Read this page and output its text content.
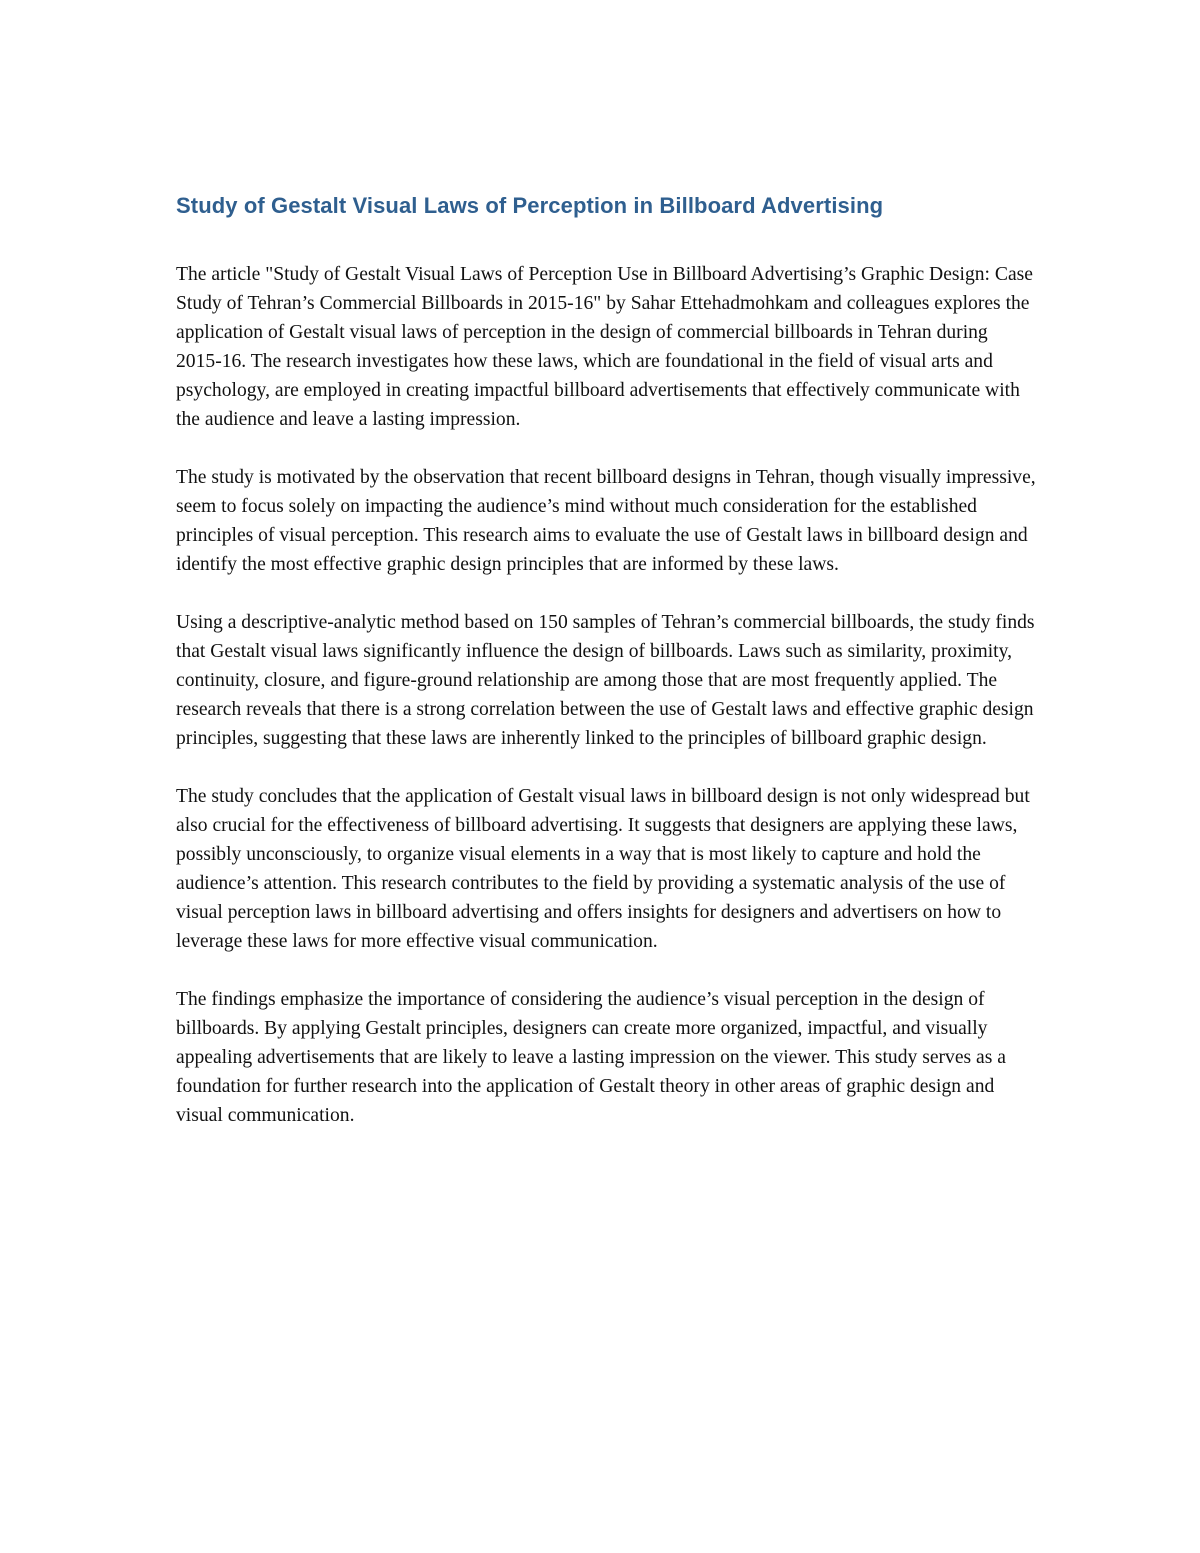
Study of Gestalt Visual Laws of Perception in Billboard Advertising

The article "Study of Gestalt Visual Laws of Perception Use in Billboard Advertising’s Graphic Design: Case Study of Tehran’s Commercial Billboards in 2015-16" by Sahar Ettehadmohkam and colleagues explores the application of Gestalt visual laws of perception in the design of commercial billboards in Tehran during 2015-16. The research investigates how these laws, which are foundational in the field of visual arts and psychology, are employed in creating impactful billboard advertisements that effectively communicate with the audience and leave a lasting impression.

The study is motivated by the observation that recent billboard designs in Tehran, though visually impressive, seem to focus solely on impacting the audience’s mind without much consideration for the established principles of visual perception. This research aims to evaluate the use of Gestalt laws in billboard design and identify the most effective graphic design principles that are informed by these laws.

Using a descriptive-analytic method based on 150 samples of Tehran’s commercial billboards, the study finds that Gestalt visual laws significantly influence the design of billboards. Laws such as similarity, proximity, continuity, closure, and figure-ground relationship are among those that are most frequently applied. The research reveals that there is a strong correlation between the use of Gestalt laws and effective graphic design principles, suggesting that these laws are inherently linked to the principles of billboard graphic design.

The study concludes that the application of Gestalt visual laws in billboard design is not only widespread but also crucial for the effectiveness of billboard advertising. It suggests that designers are applying these laws, possibly unconsciously, to organize visual elements in a way that is most likely to capture and hold the audience’s attention. This research contributes to the field by providing a systematic analysis of the use of visual perception laws in billboard advertising and offers insights for designers and advertisers on how to leverage these laws for more effective visual communication.

The findings emphasize the importance of considering the audience’s visual perception in the design of billboards. By applying Gestalt principles, designers can create more organized, impactful, and visually appealing advertisements that are likely to leave a lasting impression on the viewer. This study serves as a foundation for further research into the application of Gestalt theory in other areas of graphic design and visual communication.
